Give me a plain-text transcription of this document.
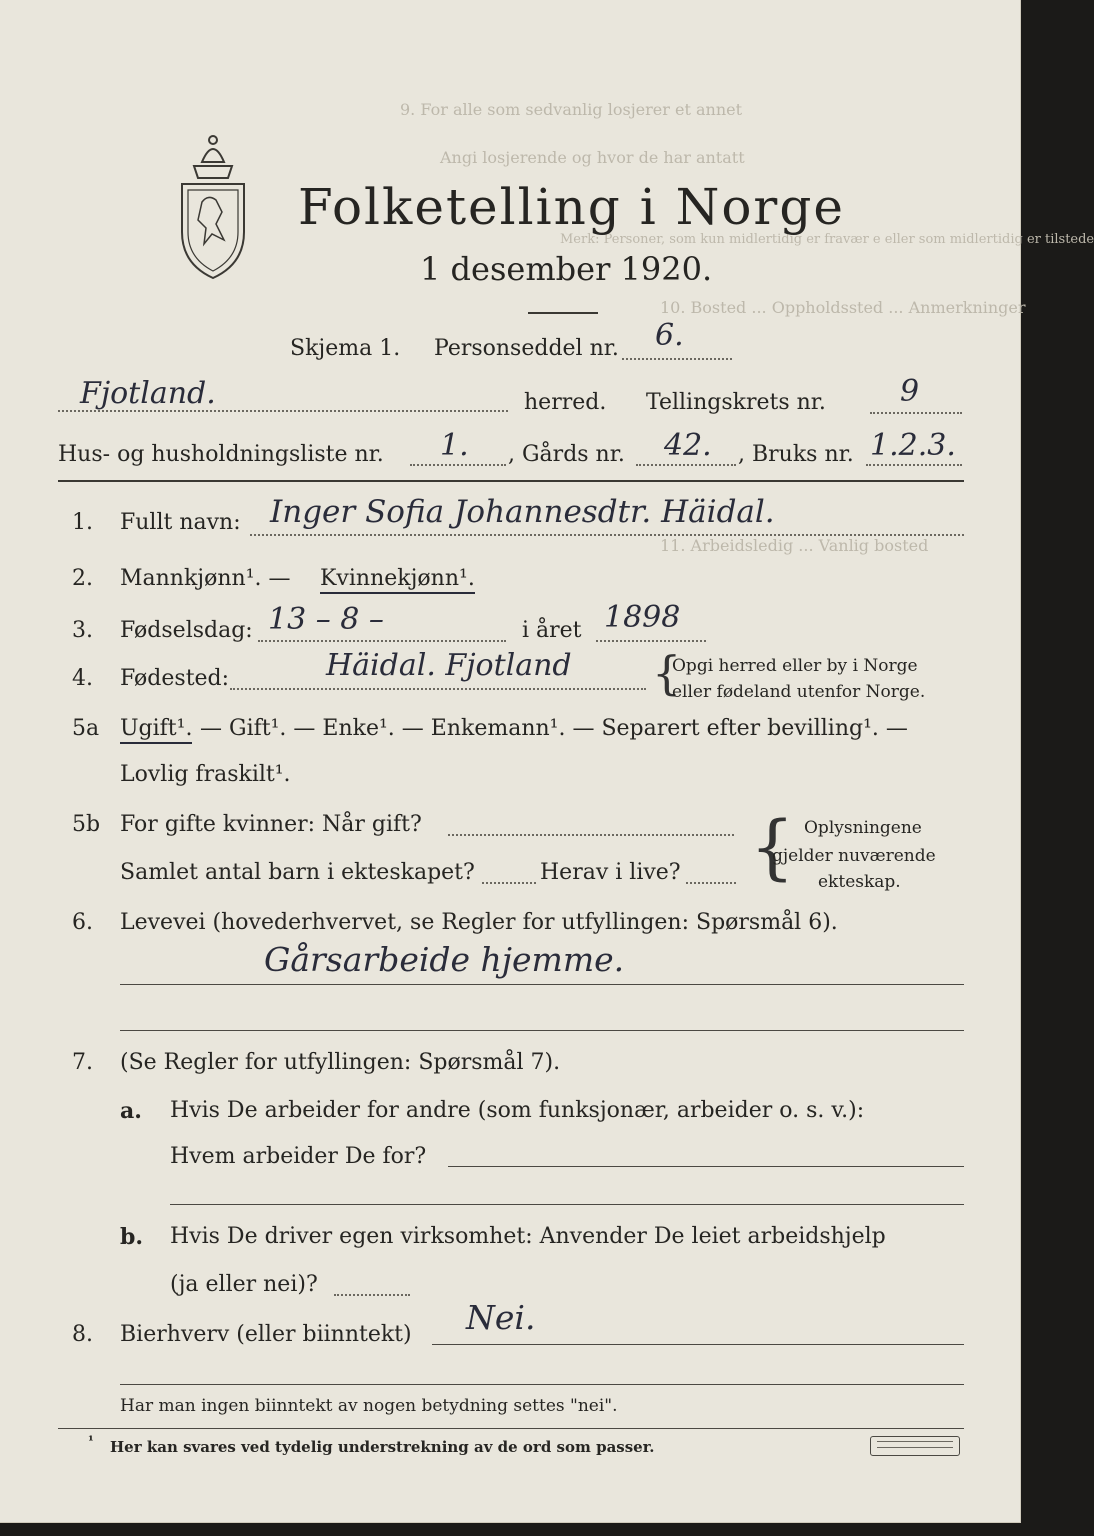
9. For alle som sedvanlig losjerer et annet
Angi losjerende og hvor de har antatt
Merk: Personer, som kun midlertidig er fravær e eller som midlertidig er tilstede
10. Bosted ... Oppholdssted ... Anmerkninger
11. Arbeidsledig ... Vanlig bosted
Folketelling i Norge
1 desember 1920.
Skjema 1. Personseddel nr. 6.
Fjotland.	herred. Tellingskrets nr. 9
Hus- og husholdningsliste nr. 1. , Gårds nr. 42. , Bruks nr. 1.2.3.
1. Fullt navn: Inger Sofia Johannesdtr. Häidal.
2. Mannkjønn¹. — Kvinnekjønn¹.
3. Fødselsdag: 13 – 8 –	i året 1898
4. Fødested:	Häidal. Fjotland {
Opgi herred eller by i Norge
eller fødeland utenfor Norge.
5a Ugift¹. — Gift¹. — Enke¹. — Enkemann¹. — Separert efter bevilling¹. —
Lovlig fraskilt¹.
5b For gifte kvinner: Når gift?
Samlet antal barn i ekteskapet?	Herav i live? { Oplysningene
gjelder nuværende
ekteskap.
6. Levevei (hovederhvervet, se Regler for utfyllingen: Spørsmål 6).
Gårsarbeide hjemme.
7. (Se Regler for utfyllingen: Spørsmål 7).
a. Hvis De arbeider for andre (som funksjonær, arbeider o. s. v.):
Hvem arbeider De for?
b. Hvis De driver egen virksomhet: Anvender De leiet arbeidshjelp
(ja eller nei)?
8. Bierhverv (eller biinntekt) Nei.
Har man ingen biinntekt av nogen betydning settes "nei".
¹ Her kan svares ved tydelig understrekning av de ord som passer.
